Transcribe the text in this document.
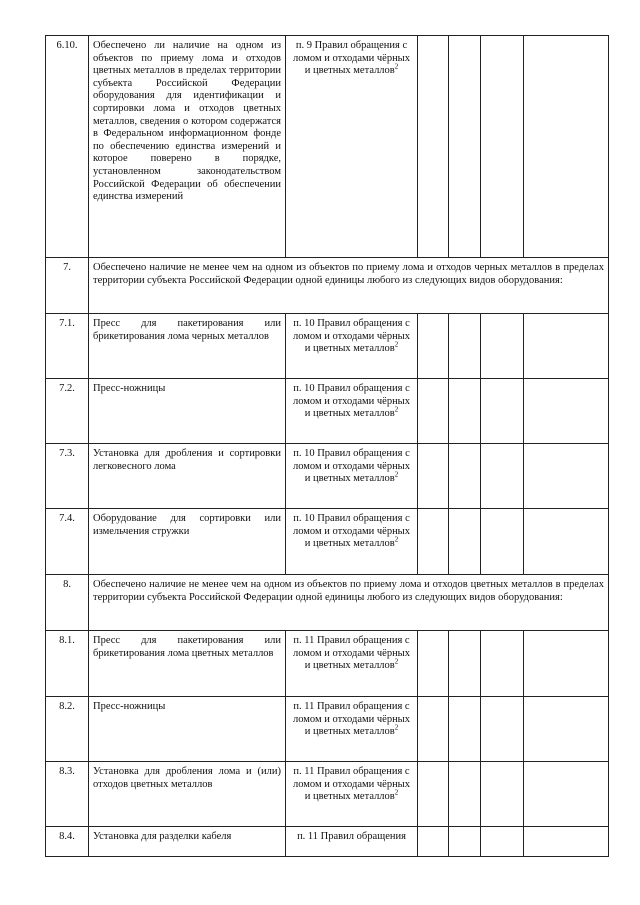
6.10.	Обеспечено ли наличие на одном из объектов по приему лома и отходов цветных металлов в пределах территории субъекта Российской Федерации оборудования для идентификации и сортировки лома и отходов цветных металлов, сведения о котором содержатся в Федеральном информационном фонде по обеспечению единства измерений и которое поверено в порядке, установленном законодательством Российской Федерации об обеспечении единства измерений	п. 9 Правил обращения с ломом и отходами чёрных и цветных металлов$^2$				
7.	Обеспечено наличие не менее чем на одном из объектов по приему лома и отходов черных металлов в пределах территории субъекта Российской Федерации одной единицы любого из следующих видов оборудования:					
7.1.	Пресс для пакетирования или брикетирования лома черных металлов	п. 10 Правил обращения с ломом и отходами чёрных и цветных металлов$^2$				
7.2.	Пресс-ножницы	п. 10 Правил обращения с ломом и отходами чёрных и цветных металлов$^2$				
7.3.	Установка для дробления и сортировки легковесного лома	п. 10 Правил обращения с ломом и отходами чёрных и цветных металлов$^2$				
7.4.	Оборудование для сортировки или измельчения стружки	п. 10 Правил обращения с ломом и отходами чёрных и цветных металлов$^2$				
8.	Обеспечено наличие не менее чем на одном из объектов по приему лома и отходов цветных металлов в пределах территории субъекта Российской Федерации одной единицы любого из следующих видов оборудования:					
8.1.	Пресс для пакетирования или брикетирования лома цветных металлов	п. 11 Правил обращения с ломом и отходами чёрных и цветных металлов$^2$				
8.2.	Пресс-ножницы	п. 11 Правил обращения с ломом и отходами чёрных и цветных металлов$^2$				
8.3.	Установка для дробления лома и (или) отходов цветных металлов	п. 11 Правил обращения с ломом и отходами чёрных и цветных металлов$^2$				
8.4.	Установка для разделки кабеля	п. 11 Правил обращения				
